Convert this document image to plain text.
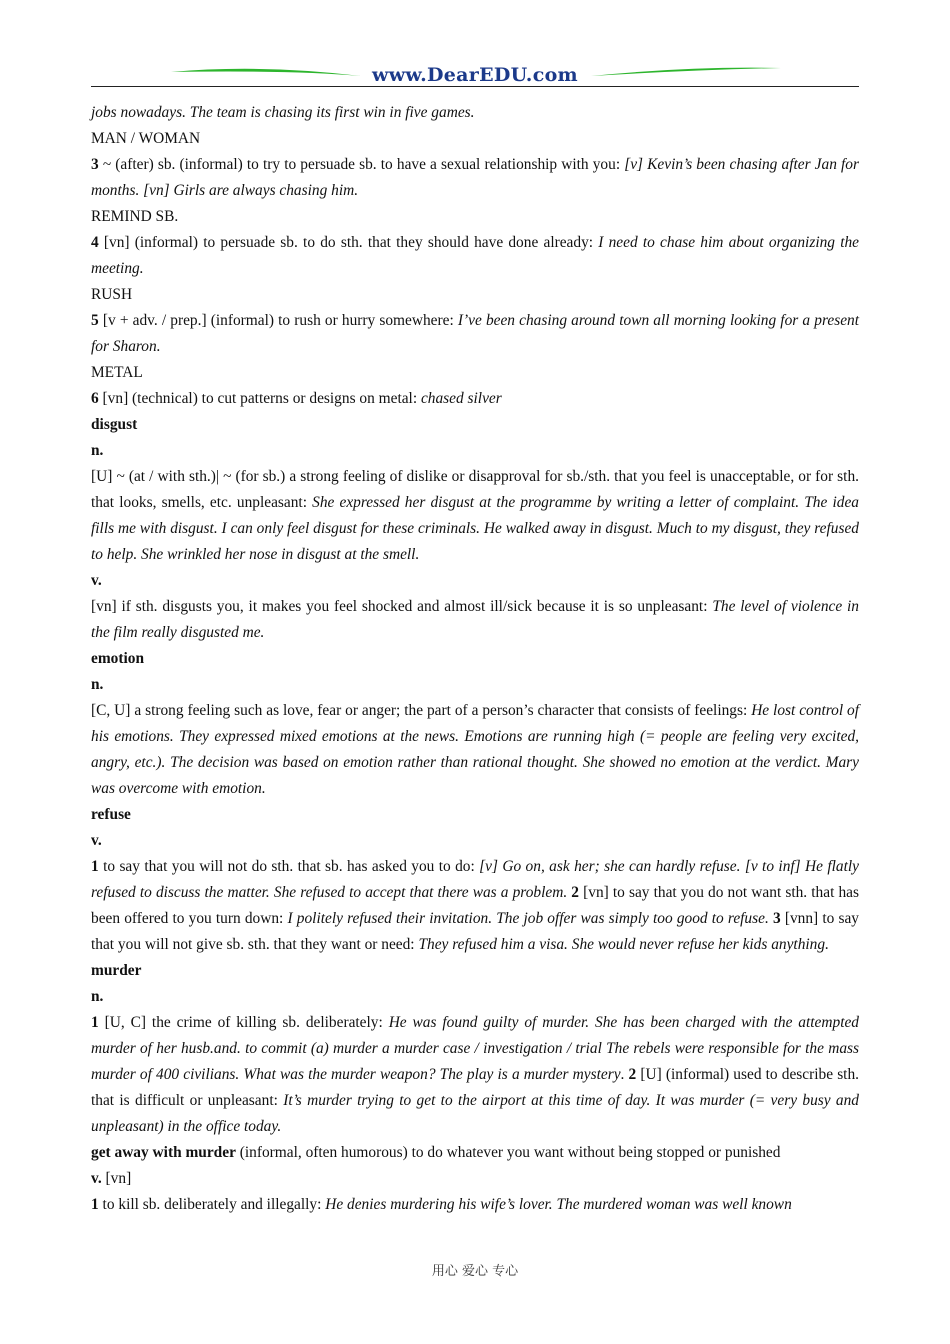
www.DearEDU.com

jobs nowadays. The team is chasing its first win in five games.

MAN / WOMAN

3 ~ (after) sb. (informal) to try to persuade sb. to have a sexual relationship with you: [v] Kevin’s been chasing after Jan for months. [vn] Girls are always chasing him.

REMIND SB.

4 [vn] (informal) to persuade sb. to do sth. that they should have done already: I need to chase him about organizing the meeting.

RUSH

5 [v + adv. / prep.] (informal) to rush or hurry somewhere: I’ve been chasing around town all morning looking for a present for Sharon.

METAL

6 [vn] (technical) to cut patterns or designs on metal: chased silver

disgust

n.

[U] ~ (at / with sth.)| ~ (for sb.) a strong feeling of dislike or disapproval for sb./sth. that you feel is unacceptable, or for sth. that looks, smells, etc. unpleasant: She expressed her disgust at the programme by writing a letter of complaint. The idea fills me with disgust. I can only feel disgust for these criminals. He walked away in disgust. Much to my disgust, they refused to help. She wrinkled her nose in disgust at the smell.

v.

[vn] if sth. disgusts you, it makes you feel shocked and almost ill/sick because it is so unpleasant: The level of violence in the film really disgusted me.

emotion

n.

[C, U] a strong feeling such as love, fear or anger; the part of a person’s character that consists of feelings: He lost control of his emotions. They expressed mixed emotions at the news. Emotions are running high (= people are feeling very excited, angry, etc.). The decision was based on emotion rather than rational thought. She showed no emotion at the verdict. Mary was overcome with emotion.

refuse

v.

1 to say that you will not do sth. that sb. has asked you to do: [v] Go on, ask her; she can hardly refuse. [v to inf] He flatly refused to discuss the matter. She refused to accept that there was a problem. 2 [vn] to say that you do not want sth. that has been offered to you turn down: I politely refused their invitation. The job offer was simply too good to refuse. 3 [vnn] to say that you will not give sb. sth. that they want or need: They refused him a visa. She would never refuse her kids anything.

murder

n.

1 [U, C] the crime of killing sb. deliberately: He was found guilty of murder. She has been charged with the attempted murder of her husb.and. to commit (a) murder a murder case / investigation / trial The rebels were responsible for the mass murder of 400 civilians. What was the murder weapon? The play is a murder mystery. 2 [U] (informal) used to describe sth. that is difficult or unpleasant: It’s murder trying to get to the airport at this time of day. It was murder (= very busy and unpleasant) in the office today.

get away with murder (informal, often humorous) to do whatever you want without being stopped or punished

v. [vn]

1 to kill sb. deliberately and illegally: He denies murdering his wife’s lover. The murdered woman was well known

用心 爱心 专心
